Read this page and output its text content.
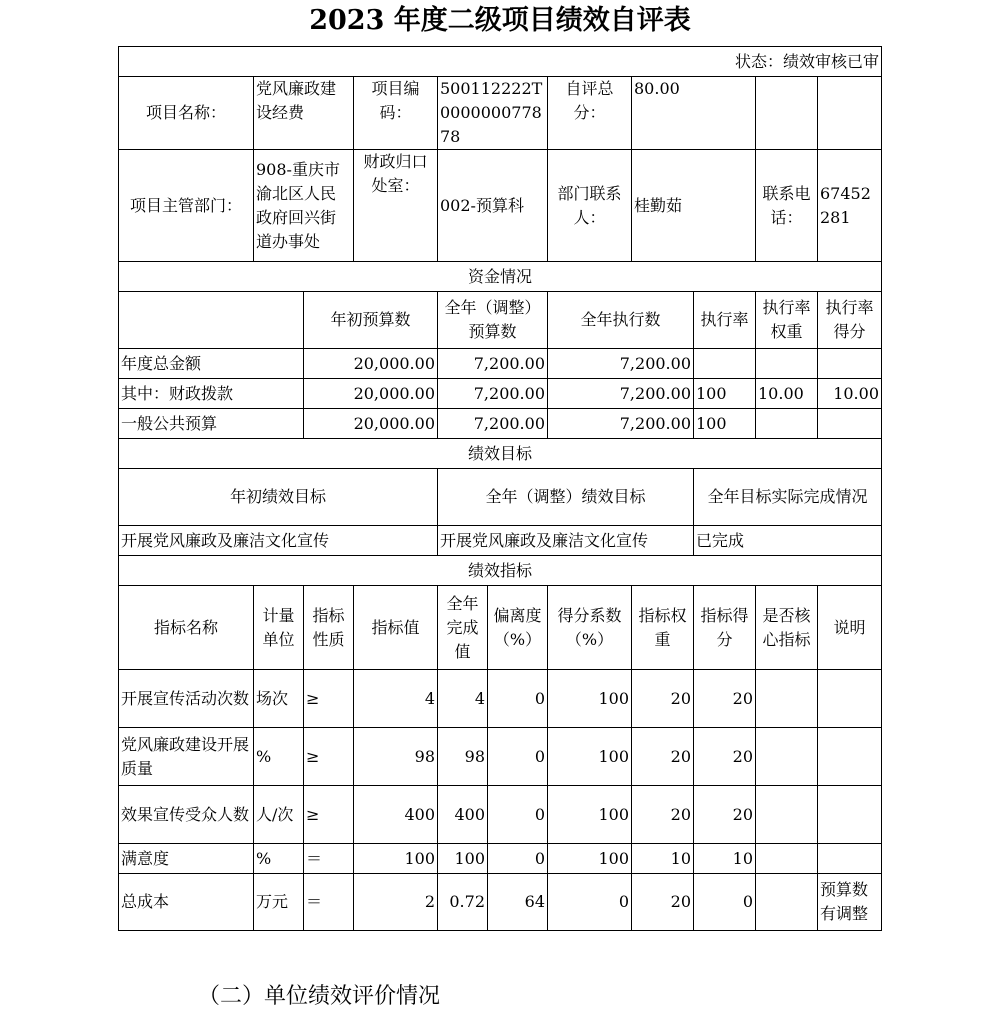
2023 年度二级项目绩效自评表
状态：绩效审核已审										
项目名称：	党风廉政建设经费		项目编码：	500112222T000000077878		自评总分：	80.00			
项目主管部门：	908-重庆市渝北区人民政府回兴街道办事处		财政归口处室：	002-预算科		部门联系人：	桂勤茹		联系电话：	67452281
资金情况										
		年初预算数		全年（调整）预算数		全年执行数		执行率	执行率权重	执行率得分
年度总金额		20,000.00		7,200.00		7,200.00				
其中：财政拨款		20,000.00		7,200.00		7,200.00		100	10.00	10.00
一般公共预算		20,000.00		7,200.00		7,200.00		100		
绩效目标										
年初绩效目标				全年（调整）绩效目标				全年目标实际完成情况		
开展党风廉政及廉洁文化宣传				开展党风廉政及廉洁文化宣传				已完成		
绩效指标										
指标名称	计量单位	指标性质	指标值	全年完成值	偏离度（%）	得分系数（%）	指标权重	指标得分	是否核心指标	说明
开展宣传活动次数	场次	≥	4	4	0	100	20	20		
党风廉政建设开展质量	%	≥	98	98	0	100	20	20		
效果宣传受众人数	人/次	≥	400	400	0	100	20	20		
满意度	%	＝	100	100	0	100	10	10		
总成本	万元	＝	2	0.72	64	0	20	0		预算数有调整
（二）单位绩效评价情况
